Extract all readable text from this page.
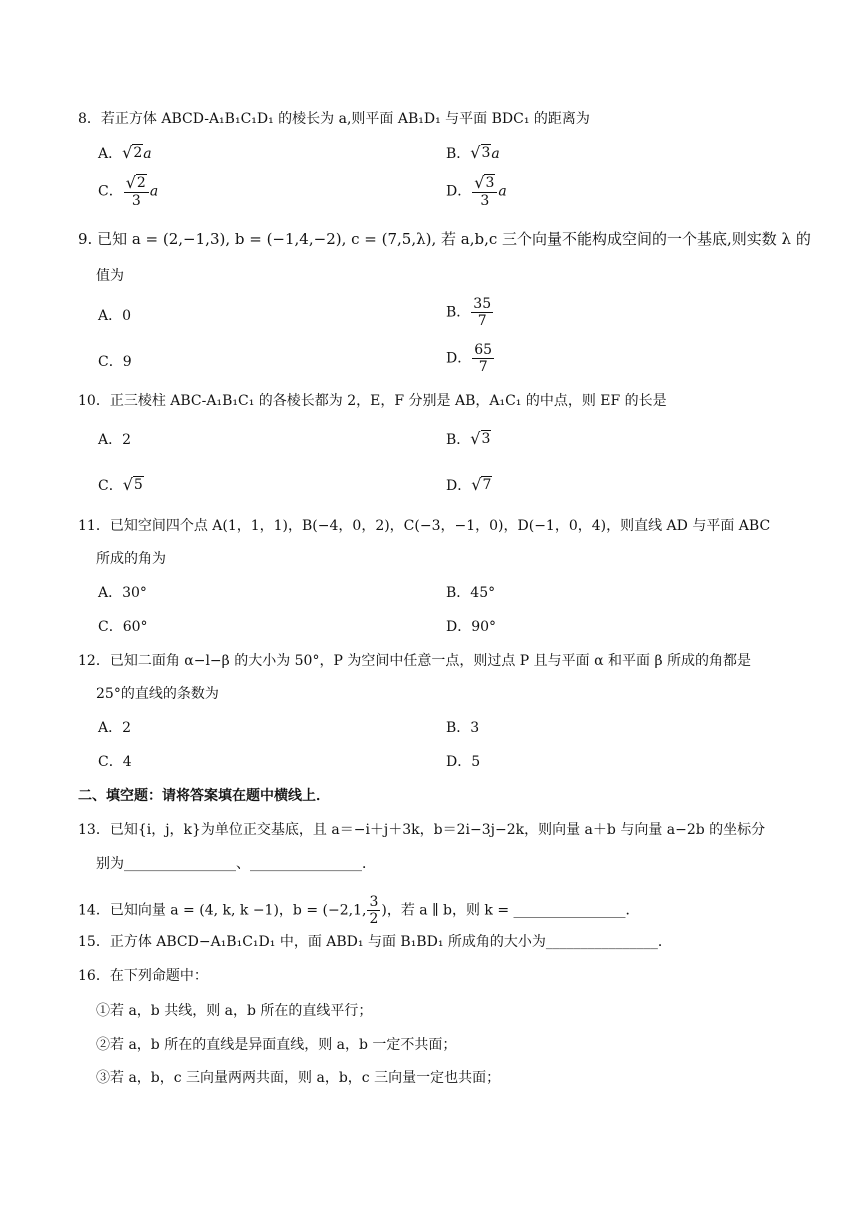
8．若正方体 ABCD-A₁B₁C₁D₁ 的棱长为 a,则平面 AB₁D₁ 与平面 BDC₁ 的距离为
A． √ 2 a	B． √ 3 a
C． $\frac{√ 2}{3}$ a	D． $\frac{√ 3}{3}$ a
9. 已知 a = (2,−1,3), b = (−1,4,−2), c = (7,5,λ), 若 a,b,c 三个向量不能构成空间的一个基底,则实数 λ 的
值为
A．0	B． $\frac{35}{7}$
C．9	D． $\frac{65}{7}$
10．正三棱柱 ABC-A₁B₁C₁ 的各棱长都为 2，E，F 分别是 AB，A₁C₁ 的中点，则 EF 的长是
A．2	B． √ 3
C． √ 5	D． √ 7
11．已知空间四个点 A(1，1，1)，B(−4，0，2)，C(−3，−1，0)，D(−1，0，4)，则直线 AD 与平面 ABC
所成的角为
A．30°	B．45°
C．60°	D．90°
12．已知二面角 α−l−β 的大小为 50°，P 为空间中任意一点，则过点 P 且与平面 α 和平面 β 所成的角都是
25°的直线的条数为
A．2	B．3
C．4	D．5
二、填空题：请将答案填在题中横线上．
13．已知{i，j，k}为单位正交基底，且 a＝−i＋j＋3k，b＝2i−3j−2k，则向量 a＋b 与向量 a−2b 的坐标分
别为________________、________________．
14．已知向量 a = (4, k, k −1)，b = (−2,1, $\frac{3}{2}$ )，若 a ∥ b，则 k = ________________．
15．正方体 ABCD−A₁B₁C₁D₁ 中，面 ABD₁ 与面 B₁BD₁ 所成角的大小为________________．
16．在下列命题中：
①若 a，b 共线，则 a，b 所在的直线平行；
②若 a，b 所在的直线是异面直线，则 a，b 一定不共面；
③若 a，b，c 三向量两两共面，则 a，b，c 三向量一定也共面；
